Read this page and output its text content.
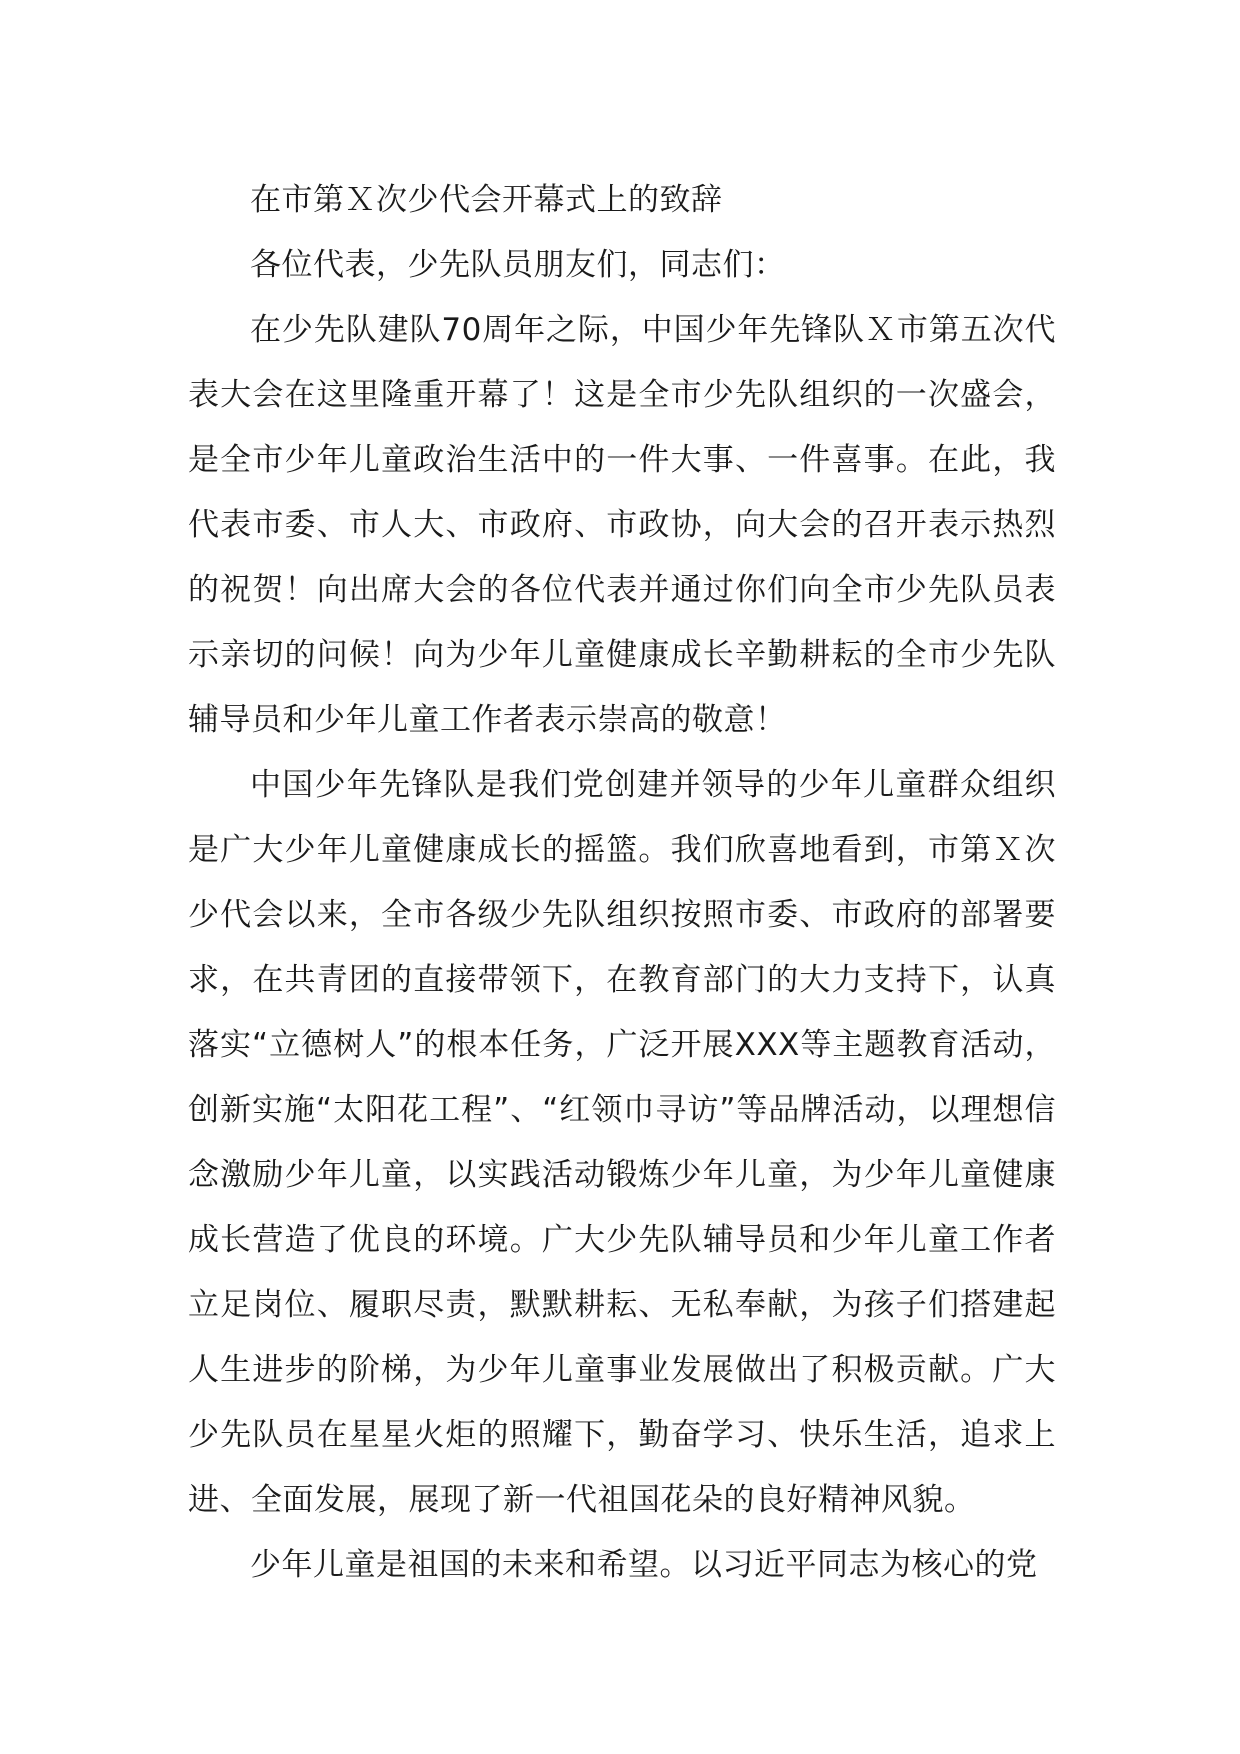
在市第Ｘ次少代会开幕式上的致辞

各位代表，少先队员朋友们，同志们：

在少先队建队70周年之际，中国少年先锋队Ｘ市第五次代表大会在这里隆重开幕了！这是全市少先队组织的一次盛会，是全市少年儿童政治生活中的一件大事、一件喜事。在此，我代表市委、市人大、市政府、市政协，向大会的召开表示热烈的祝贺！向出席大会的各位代表并通过你们向全市少先队员表示亲切的问候！向为少年儿童健康成长辛勤耕耘的全市少先队辅导员和少年儿童工作者表示崇高的敬意！

中国少年先锋队是我们党创建并领导的少年儿童群众组织是广大少年儿童健康成长的摇篮。我们欣喜地看到，市第Ｘ次少代会以来，全市各级少先队组织按照市委、市政府的部署要求，在共青团的直接带领下，在教育部门的大力支持下，认真落实“立德树人”的根本任务，广泛开展XXX等主题教育活动，创新实施“太阳花工程”、“红领巾寻访”等品牌活动，以理想信念激励少年儿童，以实践活动锻炼少年儿童，为少年儿童健康成长营造了优良的环境。广大少先队辅导员和少年儿童工作者立足岗位、履职尽责，默默耕耘、无私奉献，为孩子们搭建起人生进步的阶梯，为少年儿童事业发展做出了积极贡献。广大少先队员在星星火炬的照耀下，勤奋学习、快乐生活，追求上进、全面发展，展现了新一代祖国花朵的良好精神风貌。

少年儿童是祖国的未来和希望。以习近平同志为核心的党
